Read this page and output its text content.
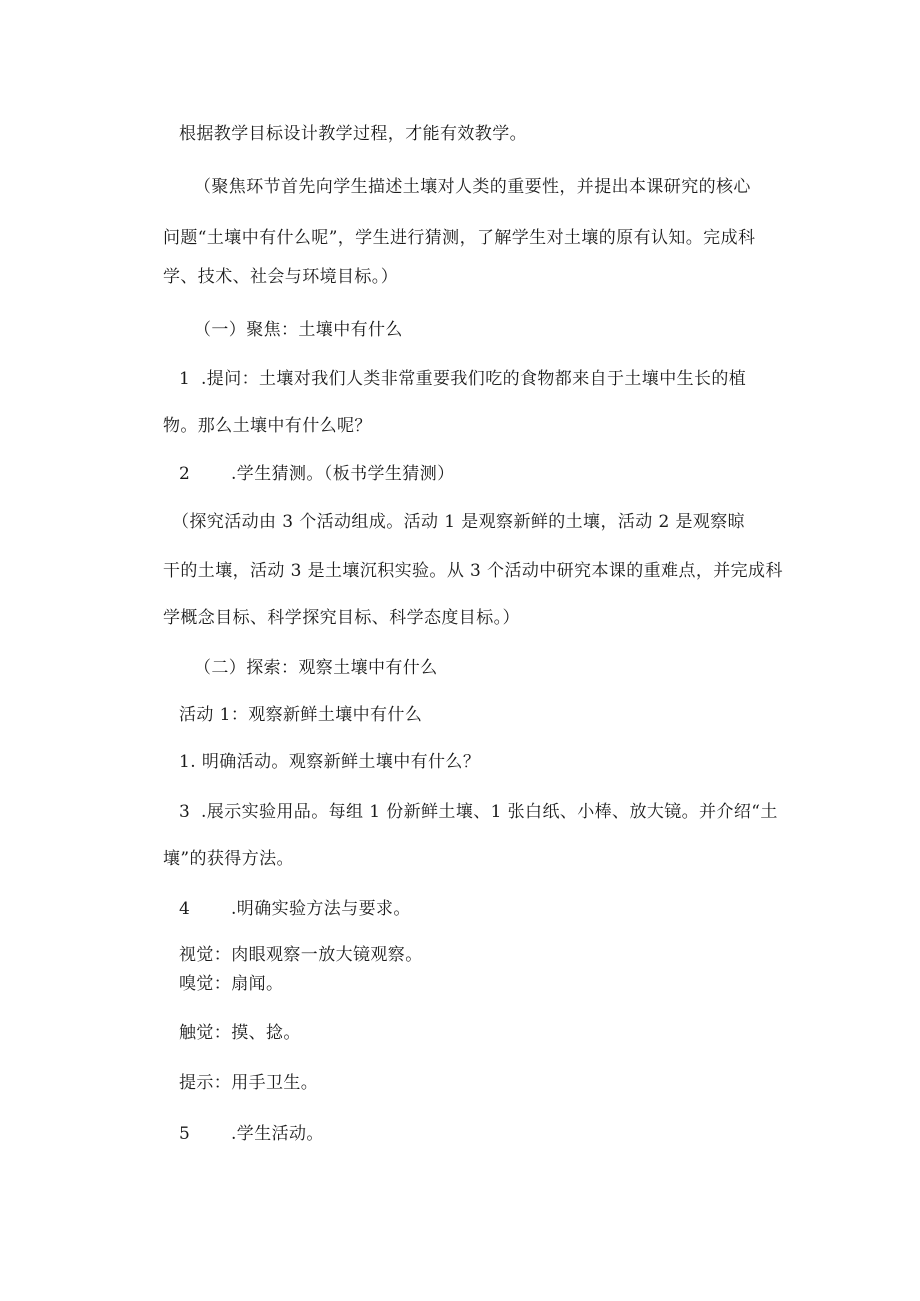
根据教学目标设计教学过程，才能有效教学。
（聚焦环节首先向学生描述土壤对人类的重要性，并提出本课研究的核心
问题“土壤中有什么呢”，学生进行猜测，了解学生对土壤的原有认知。完成科
学、技术、社会与环境目标。）
（一）聚焦：土壤中有什么
1 .提问：土壤对我们人类非常重要我们吃的食物都来自于土壤中生长的植
物。那么土壤中有什么呢？
2 .学生猜测。（板书学生猜测）
（探究活动由 3 个活动组成。活动 1 是观察新鲜的土壤，活动 2 是观察晾
干的土壤，活动 3 是土壤沉积实验。从 3 个活动中研究本课的重难点，并完成科
学概念目标、科学探究目标、科学态度目标。）
（二）探索：观察土壤中有什么
活动 1：观察新鲜土壤中有什么
1. 明确活动。观察新鲜土壤中有什么？
3 .展示实验用品。每组 1 份新鲜土壤、1 张白纸、小棒、放大镜。并介绍“土
壤”的获得方法。
4 .明确实验方法与要求。
视觉：肉眼观察一放大镜观察。
嗅觉：扇闻。
触觉：摸、捻。
提示：用手卫生。
5 .学生活动。
